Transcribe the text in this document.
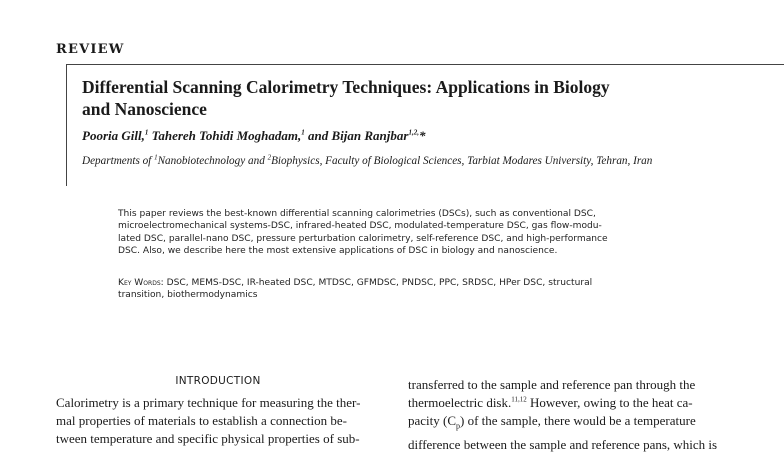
REVIEW
Differential Scanning Calorimetry Techniques: Applications in Biology
and Nanoscience
Pooria Gill,$^1$ Tahereh Tohidi Moghadam,$^1$ and Bijan Ranjbar$^{1,2,}$*
Departments of $^1$Nanobiotechnology and $^2$Biophysics, Faculty of Biological Sciences, Tarbiat Modares University, Tehran, Iran
This paper reviews the best-known differential scanning calorimetries (DSCs), such as conventional DSC,
microelectromechanical systems-DSC, infrared-heated DSC, modulated-temperature DSC, gas flow-modu-
lated DSC, parallel-nano DSC, pressure perturbation calorimetry, self-reference DSC, and high-performance
DSC. Also, we describe here the most extensive applications of DSC in biology and nanoscience.
Key Words: DSC, MEMS-DSC, IR-heated DSC, MTDSC, GFMDSC, PNDSC, PPC, SRDSC, HPer DSC, structural
transition, biothermodynamics
INTRODUCTION
Calorimetry is a primary technique for measuring the ther-
mal properties of materials to establish a connection be-
tween temperature and specific physical properties of sub-
transferred to the sample and reference pan through the
thermoelectric disk.$^{11,12}$ However, owing to the heat ca-
pacity $(C_p)$ of the sample, there would be a temperature
difference between the sample and reference pans, which is
